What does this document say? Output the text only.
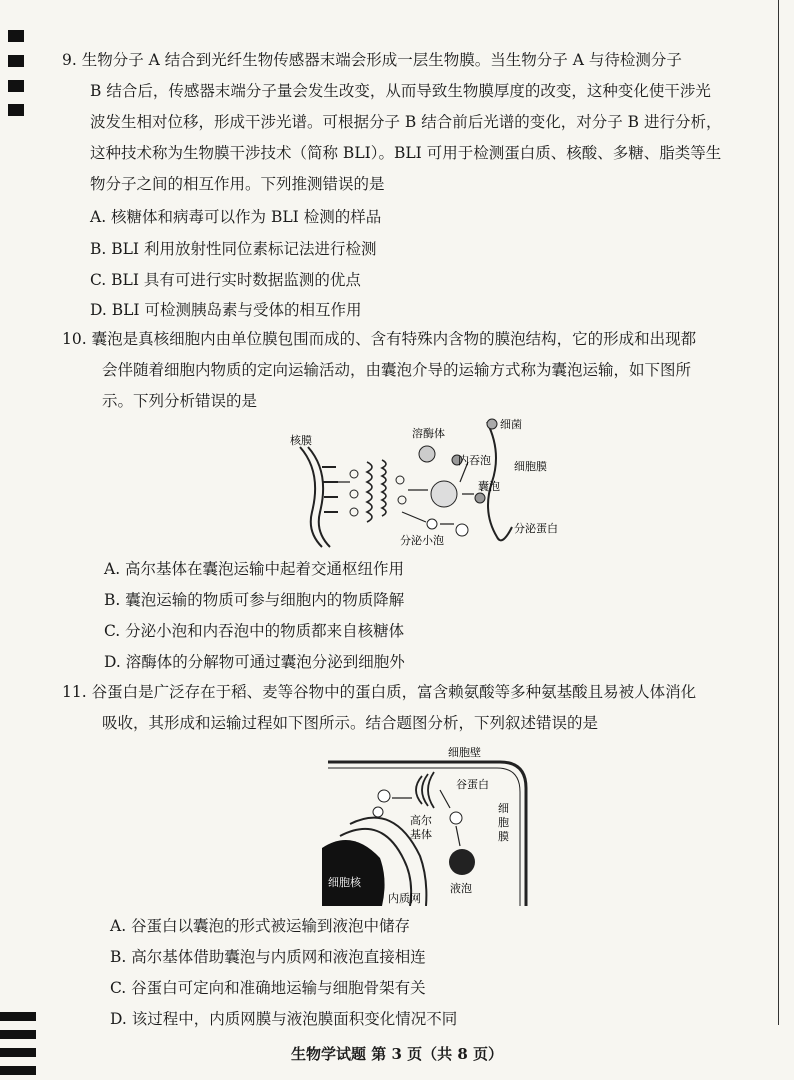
9. 生物分子 A 结合到光纤生物传感器末端会形成一层生物膜。当生物分子 A 与待检测分子
B 结合后，传感器末端分子量会发生改变，从而导致生物膜厚度的改变，这种变化使干涉光
波发生相对位移，形成干涉光谱。可根据分子 B 结合前后光谱的变化，对分子 B 进行分析，
这种技术称为生物膜干涉技术（简称 BLI）。BLI 可用于检测蛋白质、核酸、多糖、脂类等生
物分子之间的相互作用。下列推测错误的是
A. 核糖体和病毒可以作为 BLI 检测的样品
B. BLI 利用放射性同位素标记法进行检测
C. BLI 具有可进行实时数据监测的优点
D. BLI 可检测胰岛素与受体的相互作用
10. 囊泡是真核细胞内由单位膜包围而成的、含有特殊内含物的膜泡结构，它的形成和出现都
会伴随着细胞内物质的定向运输活动，由囊泡介导的运输方式称为囊泡运输，如下图所
示。下列分析错误的是
核膜
溶酶体
细菌
内吞泡 细胞膜
囊泡
分泌小泡
分泌蛋白
A. 高尔基体在囊泡运输中起着交通枢纽作用
B. 囊泡运输的物质可参与细胞内的物质降解
C. 分泌小泡和内吞泡中的物质都来自核糖体
D. 溶酶体的分解物可通过囊泡分泌到细胞外
11. 谷蛋白是广泛存在于稻、麦等谷物中的蛋白质，富含赖氨酸等多种氨基酸且易被人体消化
吸收，其形成和运输过程如下图所示。结合题图分析，下列叙述错误的是
细胞壁
谷蛋白
高尔
基体
细
胞
膜
细胞核
内质网
液泡
A. 谷蛋白以囊泡的形式被运输到液泡中储存
B. 高尔基体借助囊泡与内质网和液泡直接相连
C. 谷蛋白可定向和准确地运输与细胞骨架有关
D. 该过程中，内质网膜与液泡膜面积变化情况不同
生物学试题 第 3 页（共 8 页）
